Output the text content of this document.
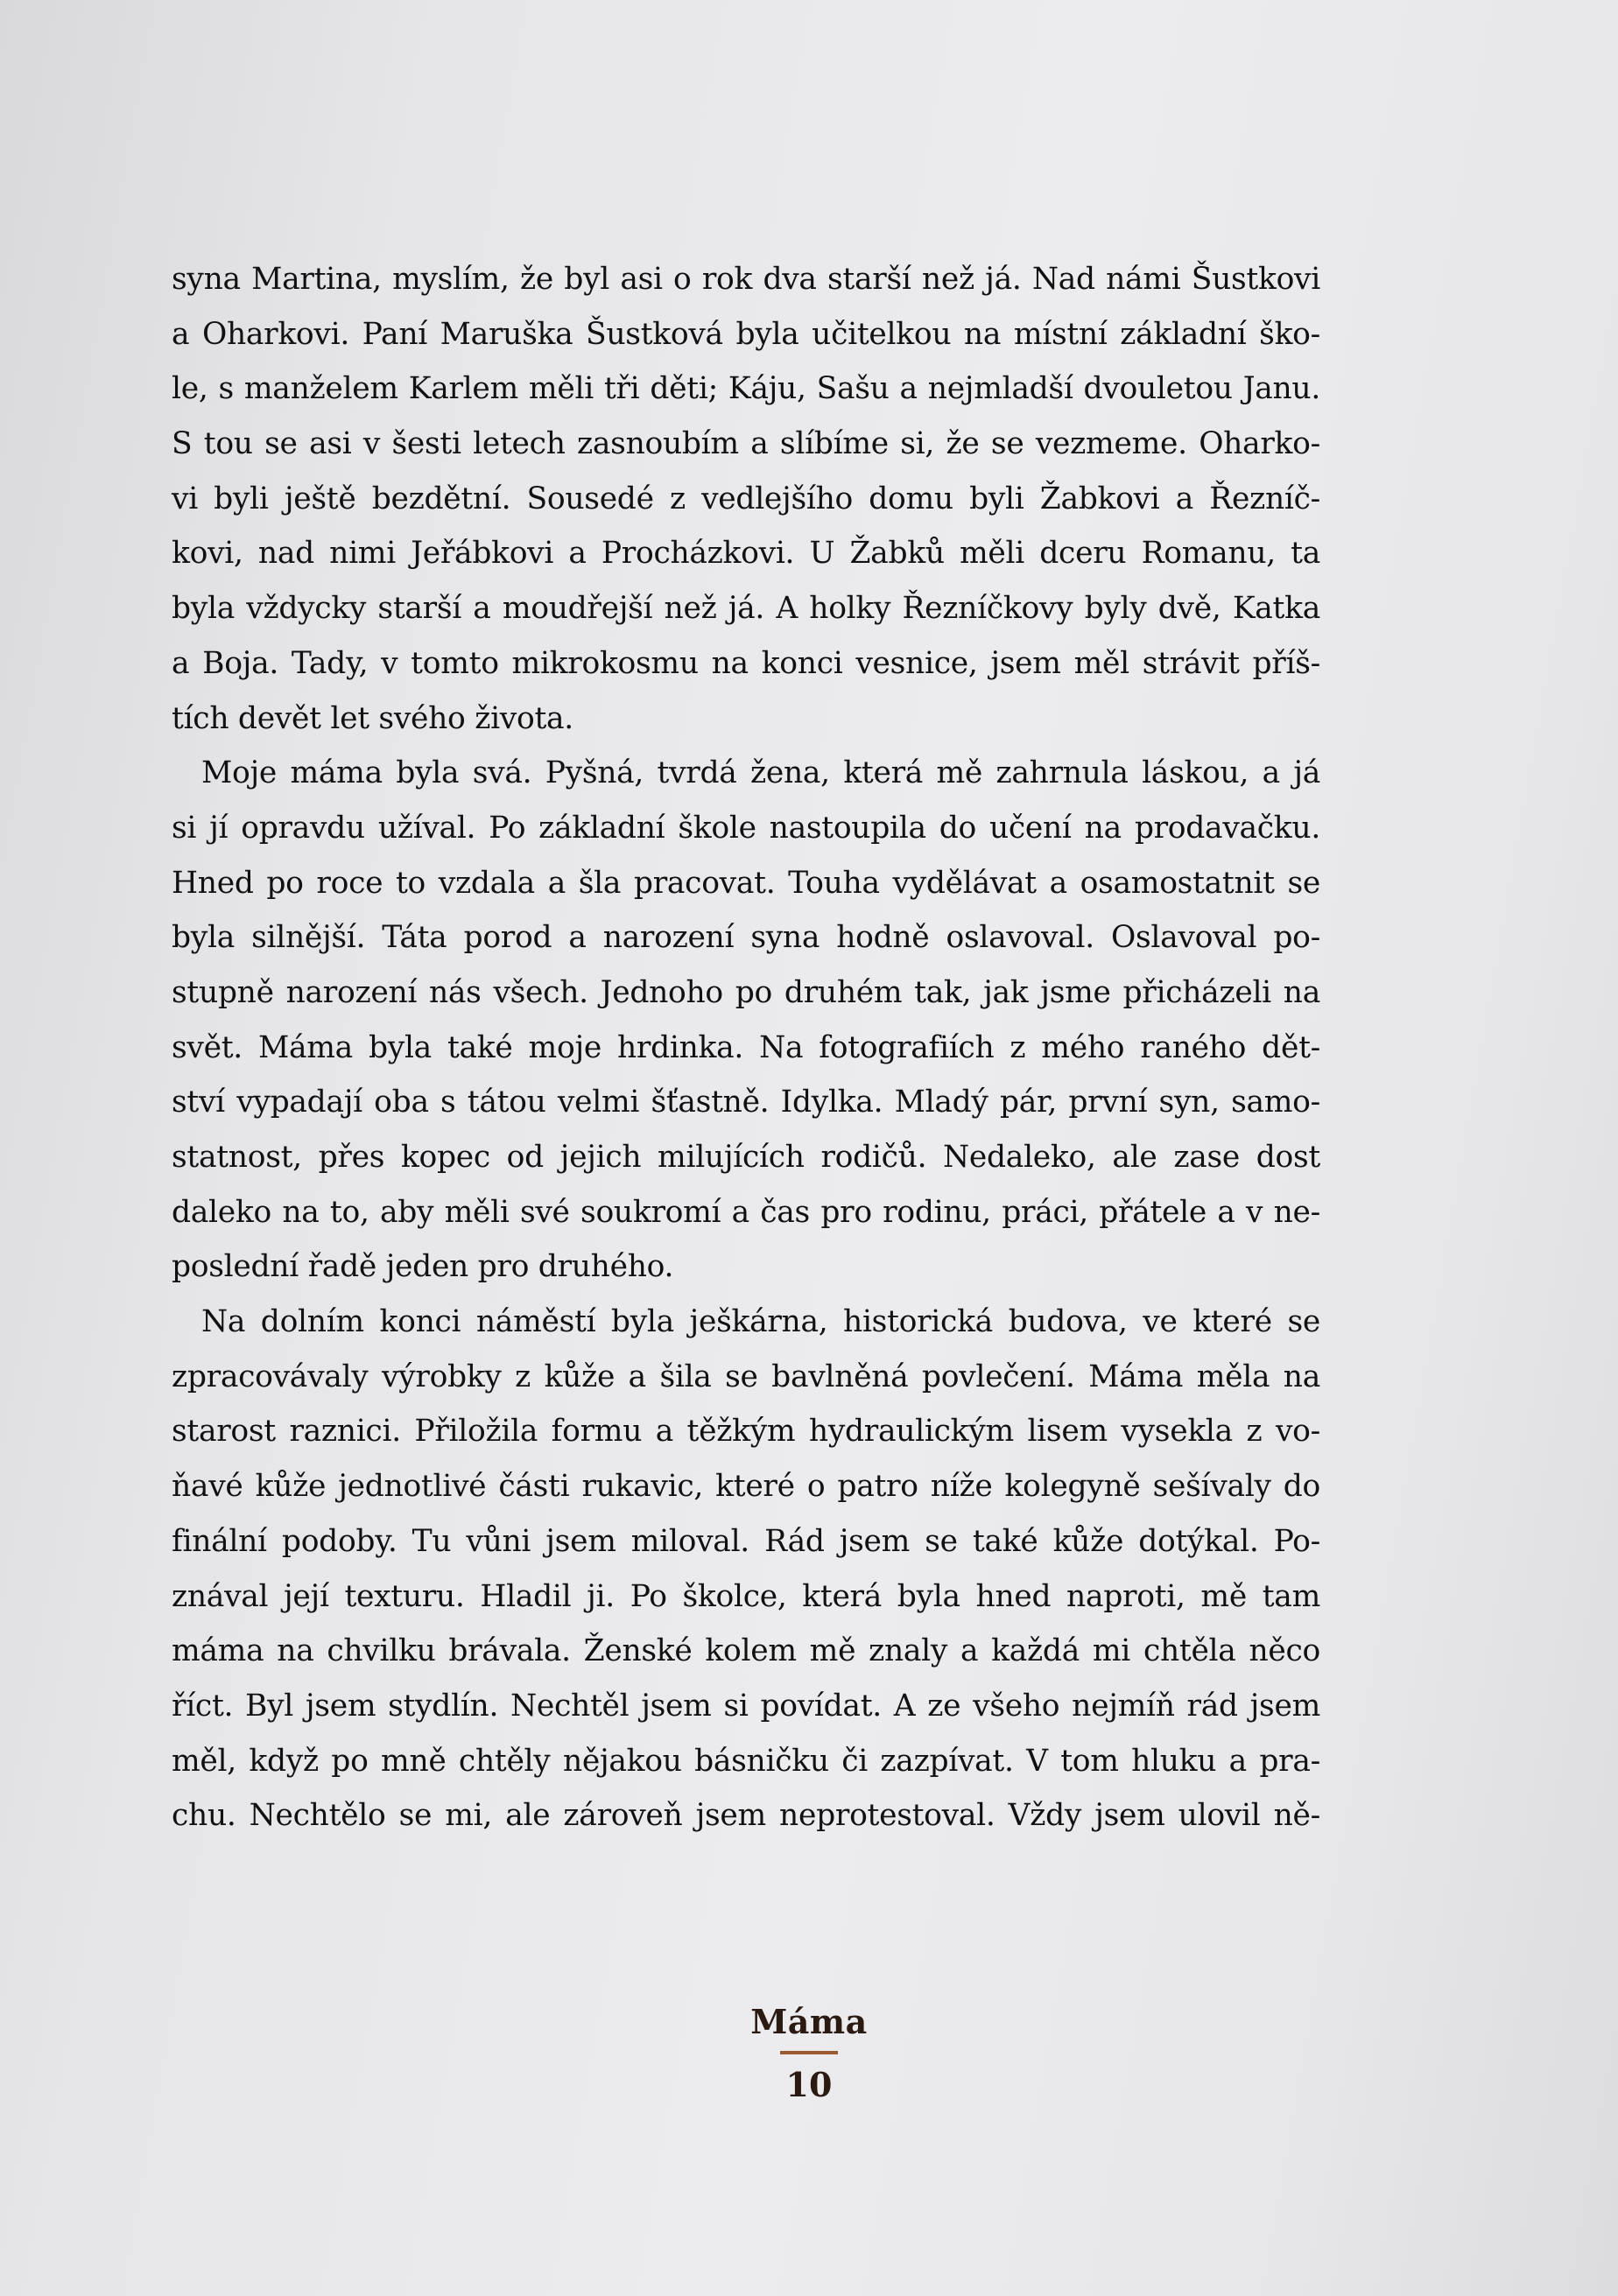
syna Martina, myslím, že byl asi o rok dva starší než já. Nad námi Šustkovi
a Oharkovi. Paní Maruška Šustková byla učitelkou na místní základní ško-
le, s manželem Karlem měli tři děti; Káju, Sašu a nejmladší dvouletou Janu.
S tou se asi v šesti letech zasnoubím a slíbíme si, že se vezmeme. Oharko-
vi byli ještě bezdětní. Sousedé z vedlejšího domu byli Žabkovi a Řezníč-
kovi, nad nimi Jeřábkovi a Procházkovi. U Žabků měli dceru Romanu, ta
byla vždycky starší a moudřejší než já. A holky Řezníčkovy byly dvě, Katka
a Boja. Tady, v tomto mikrokosmu na konci vesnice, jsem měl strávit příš-
tích devět let svého života.
Moje máma byla svá. Pyšná, tvrdá žena, která mě zahrnula láskou, a já
si jí opravdu užíval. Po základní škole nastoupila do učení na prodavačku.
Hned po roce to vzdala a šla pracovat. Touha vydělávat a osamostatnit se
byla silnější. Táta porod a narození syna hodně oslavoval. Oslavoval po-
stupně narození nás všech. Jednoho po druhém tak, jak jsme přicházeli na
svět. Máma byla také moje hrdinka. Na fotografiích z mého raného dět-
ství vypadají oba s tátou velmi šťastně. Idylka. Mladý pár, první syn, samo-
statnost, přes kopec od jejich milujících rodičů. Nedaleko, ale zase dost
daleko na to, aby měli své soukromí a čas pro rodinu, práci, přátele a v ne-
poslední řadě jeden pro druhého.
Na dolním konci náměstí byla ješkárna, historická budova, ve které se
zpracovávaly výrobky z kůže a šila se bavlněná povlečení. Máma měla na
starost raznici. Přiložila formu a těžkým hydraulickým lisem vysekla z vo-
ňavé kůže jednotlivé části rukavic, které o patro níže kolegyně sešívaly do
finální podoby. Tu vůni jsem miloval. Rád jsem se také kůže dotýkal. Po-
znával její texturu. Hladil ji. Po školce, která byla hned naproti, mě tam
máma na chvilku brávala. Ženské kolem mě znaly a každá mi chtěla něco
říct. Byl jsem stydlín. Nechtěl jsem si povídat. A ze všeho nejmíň rád jsem
měl, když po mně chtěly nějakou básničku či zazpívat. V tom hluku a pra-
chu. Nechtělo se mi, ale zároveň jsem neprotestoval. Vždy jsem ulovil ně-
Máma
10
